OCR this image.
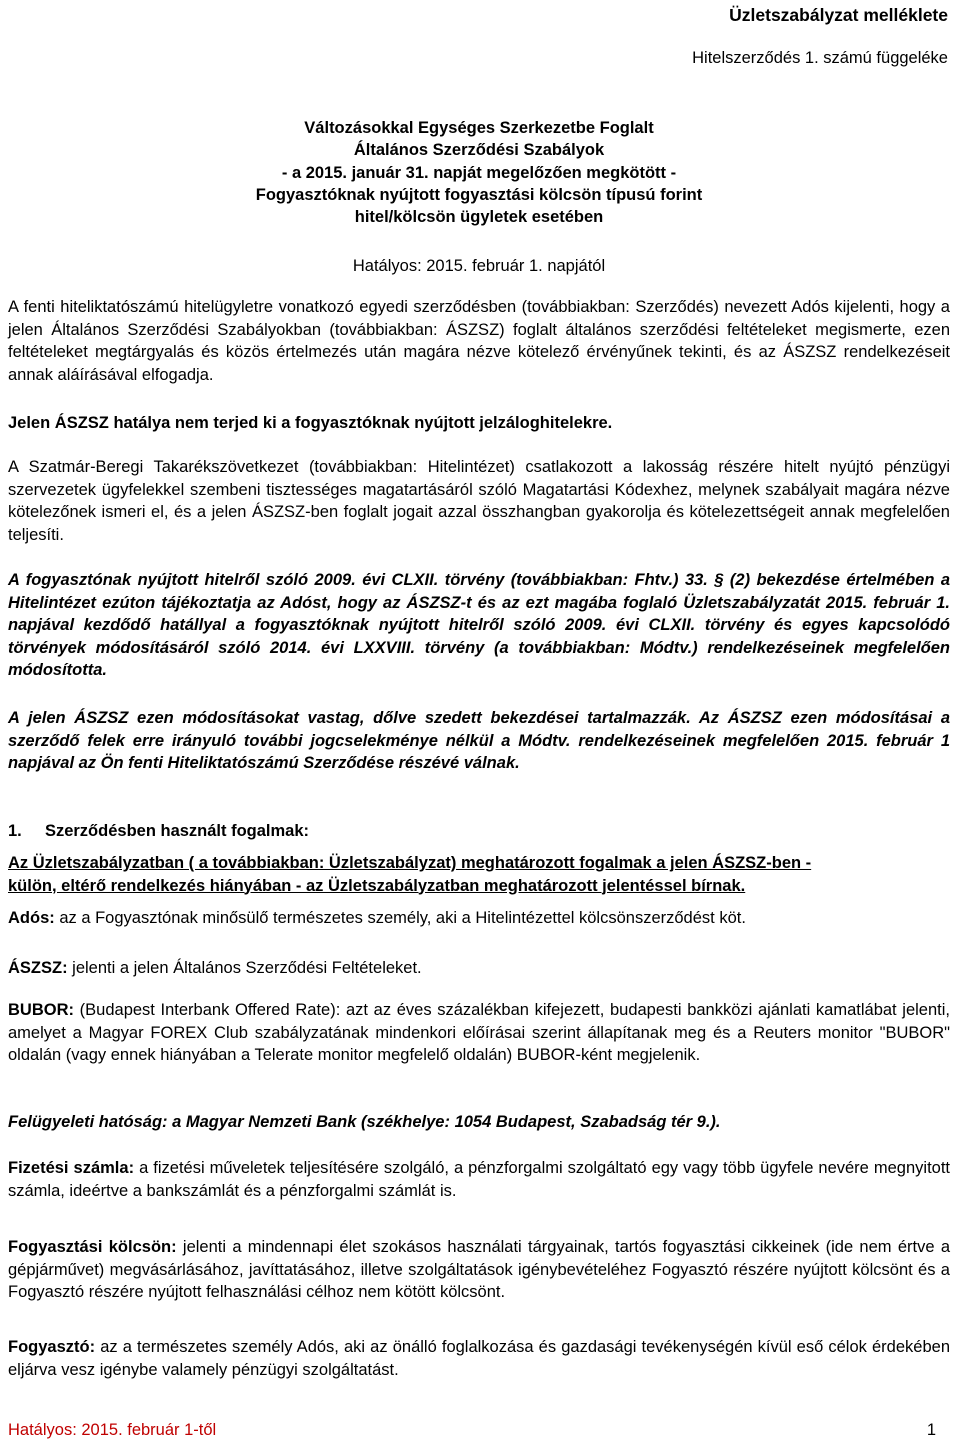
Üzletszabályzat melléklete
Hitelszerződés 1. számú függeléke
Változásokkal Egységes Szerkezetbe Foglalt
Általános Szerződési Szabályok
- a 2015. január 31. napját megelőzően megkötött -
Fogyasztóknak nyújtott fogyasztási kölcsön típusú forint
hitel/kölcsön ügyletek esetében
Hatályos: 2015. február 1. napjától

A fenti hiteliktatószámú hitelügyletre vonatkozó egyedi szerződésben (továbbiakban: Szerződés) nevezett Adós kijelenti, hogy a jelen Általános Szerződési Szabályokban (továbbiakban: ÁSZSZ) foglalt általános szerződési feltételeket megismerte, ezen feltételeket megtárgyalás és közös értelmezés után magára nézve kötelező érvényűnek tekinti, és az ÁSZSZ rendelkezéseit annak aláírásával elfogadja.

Jelen ÁSZSZ hatálya nem terjed ki a fogyasztóknak nyújtott jelzáloghitelekre.

A Szatmár-Beregi Takarékszövetkezet (továbbiakban: Hitelintézet) csatlakozott a lakosság részére hitelt nyújtó pénzügyi szervezetek ügyfelekkel szembeni tisztességes magatartásáról szóló Magatartási Kódexhez, melynek szabályait magára nézve kötelezőnek ismeri el, és a jelen ÁSZSZ-ben foglalt jogait azzal összhangban gyakorolja és kötelezettségeit annak megfelelően teljesíti.

A fogyasztónak nyújtott hitelről szóló 2009. évi CLXII. törvény (továbbiakban: Fhtv.) 33. § (2) bekezdése értelmében a Hitelintézet ezúton tájékoztatja az Adóst, hogy az ÁSZSZ-t és az ezt magába foglaló Üzletszabályzatát 2015. február 1. napjával kezdődő hatállyal a fogyasztóknak nyújtott hitelről szóló 2009. évi CLXII. törvény és egyes kapcsolódó törvények módosításáról szóló 2014. évi LXXVIII. törvény (a továbbiakban: Módtv.) rendelkezéseinek megfelelően módosította.

A jelen ÁSZSZ ezen módosításokat vastag, dőlve szedett bekezdései tartalmazzák. Az ÁSZSZ ezen módosításai a szerződő felek erre irányuló további jogcselekménye nélkül a Módtv. rendelkezéseinek megfelelően 2015. február 1 napjával az Ön fenti Hiteliktatószámú Szerződése részévé válnak.

1. Szerződésben használt fogalmak:
Az Üzletszabályzatban ( a továbbiakban: Üzletszabályzat) meghatározott fogalmak a jelen ÁSZSZ-ben -
külön, eltérő rendelkezés hiányában - az Üzletszabályzatban meghatározott jelentéssel bírnak.

Adós: az a Fogyasztónak minősülő természetes személy, aki a Hitelintézettel kölcsönszerződést köt.

ÁSZSZ: jelenti a jelen Általános Szerződési Feltételeket.

BUBOR: (Budapest Interbank Offered Rate): azt az éves százalékban kifejezett, budapesti bankközi ajánlati kamatlábat jelenti, amelyet a Magyar FOREX Club szabályzatának mindenkori előírásai szerint állapítanak meg és a Reuters monitor "BUBOR" oldalán (vagy ennek hiányában a Telerate monitor megfelelő oldalán) BUBOR-ként megjelenik.

Felügyeleti hatóság: a Magyar Nemzeti Bank (székhelye: 1054 Budapest, Szabadság tér 9.).

Fizetési számla: a fizetési műveletek teljesítésére szolgáló, a pénzforgalmi szolgáltató egy vagy több ügyfele nevére megnyitott számla, ideértve a bankszámlát és a pénzforgalmi számlát is.

Fogyasztási kölcsön: jelenti a mindennapi élet szokásos használati tárgyainak, tartós fogyasztási cikkeinek (ide nem értve a gépjárművet) megvásárlásához, javíttatásához, illetve szolgáltatások igénybevételéhez Fogyasztó részére nyújtott kölcsönt és a Fogyasztó részére nyújtott felhasználási célhoz nem kötött kölcsönt.

Fogyasztó: az a természetes személy Adós, aki az önálló foglalkozása és gazdasági tevékenységén kívül eső célok érdekében eljárva vesz igénybe valamely pénzügyi szolgáltatást.

Hatályos: 2015. február 1-től	1
